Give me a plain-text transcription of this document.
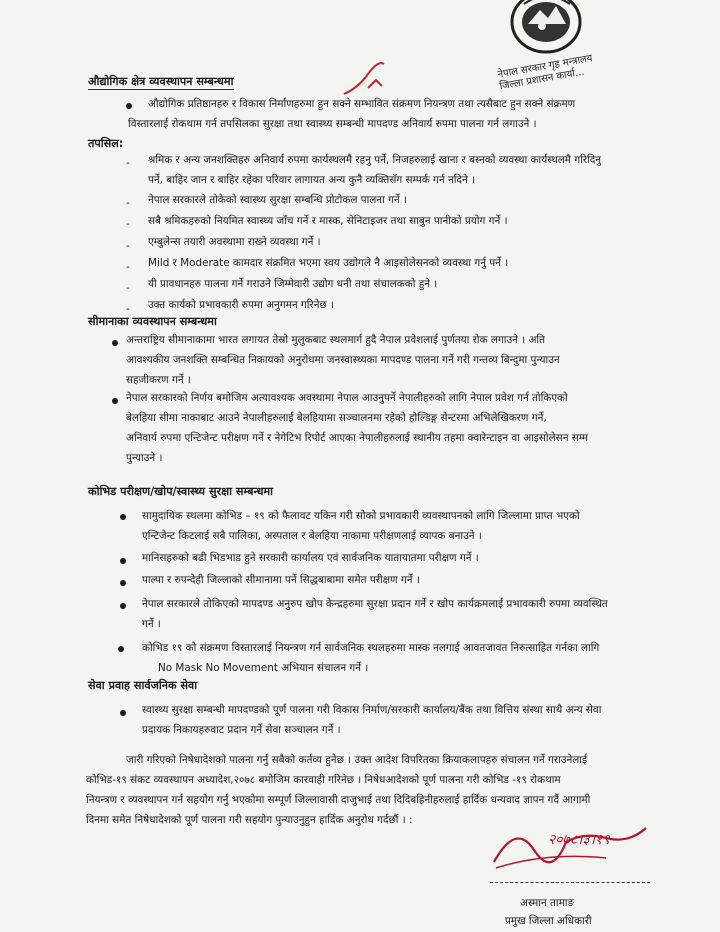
नेपाल सरकार गृह मन्त्रालय जिल्ला प्रशासन कार्या...
औद्योगिक क्षेत्र व्यवस्थापन सम्बन्धमा
औद्योगिक प्रतिष्ठानहरु र विकास निर्माणहरुमा हुन सक्ने सम्भावित संक्रमण नियन्त्रण तथा त्यसैबाट हुन सक्ने संक्रमण
विस्तारलाई रोकथाम गर्न तपसिलका सुरक्षा तथा स्वास्थ्य सम्बन्धी मापदण्ड अनिवार्य रुपमा पालना गर्न लगाउने ।
तपसिल:
- श्रमिक र अन्य जनशक्तिहरु अनिवार्य रुपमा कार्यस्थलमै रहनु पर्ने, निजहरुलाई खाना र बस्नको व्यवस्था कार्यस्थलमै गरिदिनु
पर्ने, बाहिर जान र बाहिर रहेका परिवार लागायत अन्य कुनै व्यक्तिसँग सम्पर्क गर्न नदिने ।
- नेपाल सरकारले तोकेको स्वास्थ्य सुरक्षा सम्बन्धि प्रोटोकल पालना गर्ने ।
- सबै श्रमिकहरुको नियमित स्वास्थ्य जाँच गर्ने र मास्क, सेनिटाइजर तथा साबुन पानीको प्रयोग गर्ने ।
- एम्बुलेन्स तयारी अवस्थामा राख्ने व्यवस्था गर्ने ।
- Mild र Moderate कामदार संक्रमित भएमा स्वय उद्योगले नै आइसोलेसनको व्यवस्था गर्नु पर्ने ।
- यी प्रावधानहरु पालना गर्ने गराउने जिम्मेवारी उद्योग धनी तथा संचालकको हुने ।
- उक्त कार्यको प्रभावकारी रुपमा अनुगमन गरिनेछ ।
सीमानाका व्यवस्थापन सम्बन्धमा
अन्तराष्ट्रिय सीमानाकामा भारत लगायत तेस्रो मुलुकबाट स्थलमार्ग हुदै नेपाल प्रवेशलाई पुर्णतया रोक लगाउने । अति
आवश्यकीय जनशक्ति सम्बन्धित निकायको अनुरोधमा जनस्वास्थ्यका मापदण्ड पालना गर्ने गरी गन्तव्य बिन्दुमा पुन्याउन
सहजीकरण गर्ने ।
नेपाल सरकारको निर्णय बमोजिम अत्यावश्यक अवस्थामा नेपाल आउनुपर्ने नेपालीहरुको लागि नेपाल प्रवेश गर्न तोकिएको
बेलहिया सीमा नाकाबाट आउने नेपालीहरुलाई बेलहियामा सञ्चालनमा रहेको होल्डिङ्ग सेन्टरमा अभिलेखिकरण गर्ने,
अनिवार्य रुपमा एन्टिजेन्ट परीक्षण गर्ने र नेगेटिभ रिपोर्ट आएका नेपालीहरुलाई स्थानीय तहमा क्वारेन्टाइन वा आइसोलेसन सम्म
पुन्याउने ।
कोभिड परीक्षण/खोप/स्वास्थ्य सुरक्षा सम्बन्धमा
सामुदायिक स्थलमा कोभिड – १९ को फैलावट यकिन गरी सोको प्रभावकारी व्यवस्थापनको लागि जिल्लामा प्राप्त भएको
एन्टिजेन्ट किटलाई सबै पालिका, अस्पताल र बेलहिया नाकामा परीक्षणलाई व्यापक बनाउने ।
मानिसहरुको बढी भिडभाड हुने सरकारी कार्यालय एवं सार्वजनिक यातायातमा परीक्षण गर्ने ।
पाल्पा र रुपन्देही जिल्लाको सीमानामा पर्ने सिद्धबाबामा समेत परीक्षण गर्ने ।
नेपाल सरकारले तोकिएको मापदण्ड अनुरुप खोप केन्द्रहरुमा सुरक्षा प्रदान गर्ने र खोप कार्यक्रमलाई प्रभावकारी रुपमा व्यवस्थित
गर्ने ।
कोभिड १९ को संक्रमण विस्तारलाई नियन्त्रण गर्न सार्वजनिक स्थलहरुमा मास्क नलगाई आवतजावत निरुत्साहित गर्नका लागि
No Mask No Movement अभियान संचालन गर्ने ।
सेवा प्रवाह सार्वजनिक सेवा
स्वास्थ्य सुरक्षा सम्बन्धी मापदण्डको पूर्ण पालना गरी विकास निर्माण/सरकारी कार्यालय/बैंक तथा वित्तिय संस्था साथै अन्य सेवा
प्रदायक निकायहरुवाट प्रदान गर्ने सेवा सञ्चालन गर्ने ।
जारी गरिएको निषेधादेशको पालना गर्नु सबैको कर्तव्य हुनेछ । उक्त आदेश विपरितका क्रियाकलापहरु संचालन गर्ने गराउनेलाई
कोभिड-१९ संकट व्यवस्थापन अध्यादेश,२०७८ बमोजिम कारवाही गरिनेछ । निषेधआदेशको पूर्ण पालना गरी कोभिड -१९ रोकथाम
नियन्त्रण र व्यवस्थापन गर्न सहयोग गर्नु भएकोमा सम्पूर्ण जिल्लावासी दाजुभाई तथा दिदिबहिनीहरुलाई हार्दिक धन्यवाद ज्ञापन गर्दै आगामी
दिनमा समेत निषेधादेशको पूर्ण पालना गरी सहयोग पुन्याउनुहुन हार्दिक अनुरोध गर्दछौं । :
२०७८।३।१९
अस्मान तामाङ
प्रमुख जिल्ला अधिकारी
